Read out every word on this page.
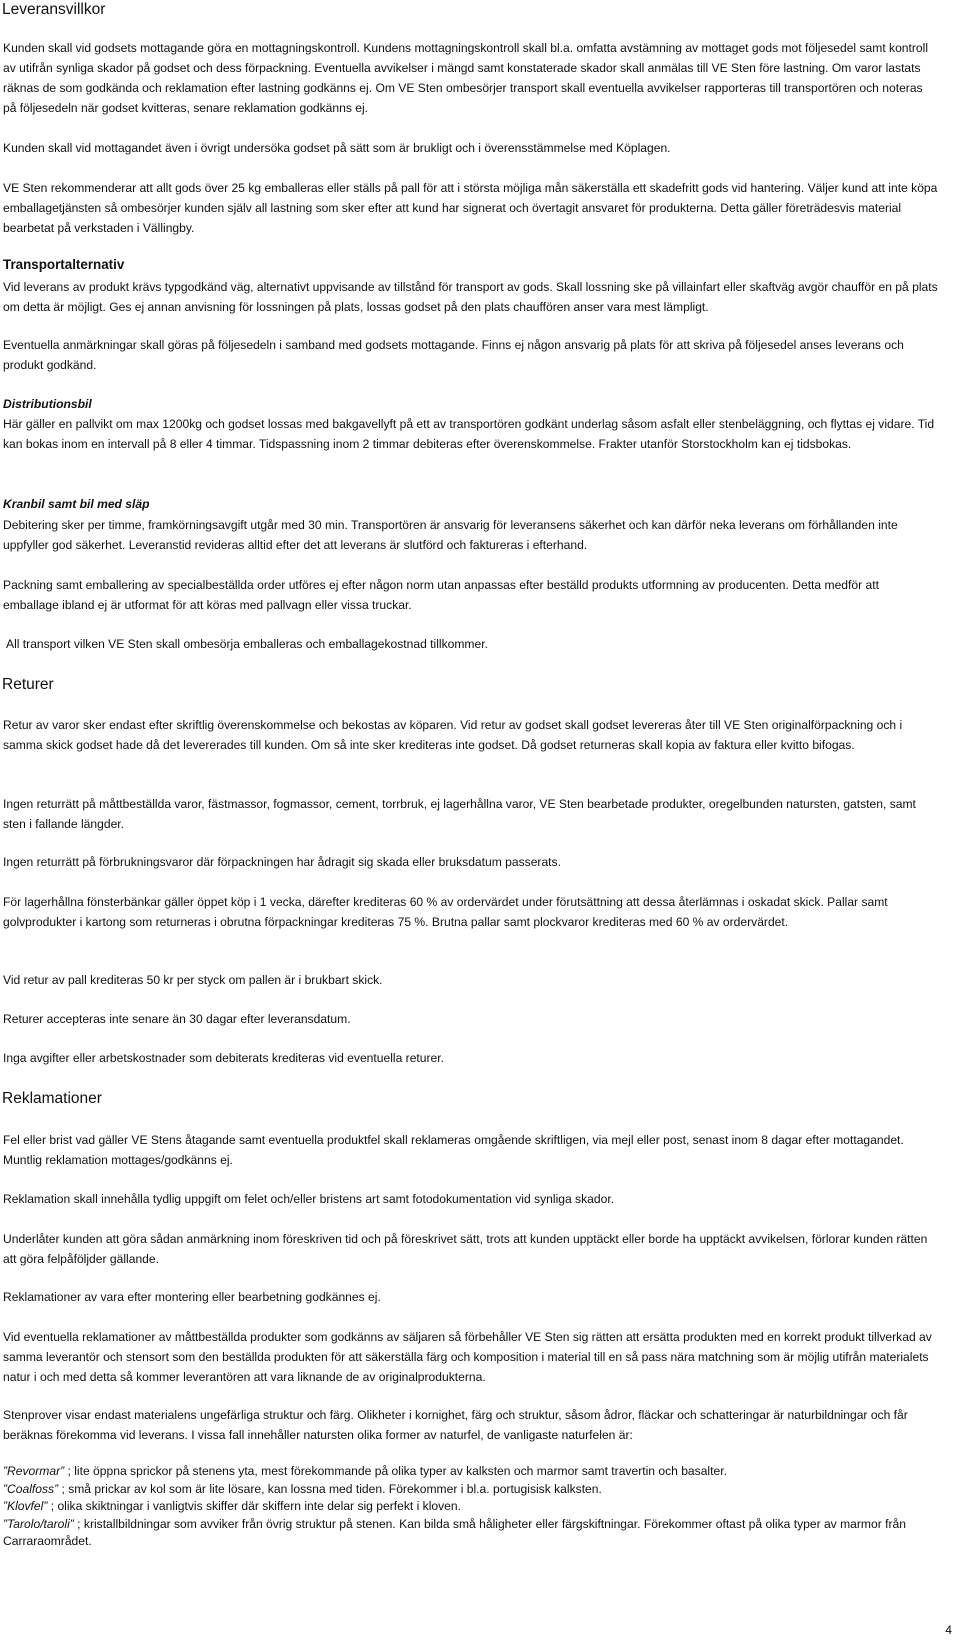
Leveransvillkor

Kunden skall vid godsets mottagande göra en mottagningskontroll. Kundens mottagningskontroll skall bl.a. omfatta avstämning av mottaget gods mot följesedel samt kontroll av utifrån synliga skador på godset och dess förpackning. Eventuella avvikelser i mängd samt konstaterade skador skall anmälas till VE Sten före lastning. Om varor lastats räknas de som godkända och reklamation efter lastning godkänns ej. Om VE Sten ombesörjer transport skall eventuella avvikelser rapporteras till transportören och noteras på följesedeln när godset kvitteras, senare reklamation godkänns ej.

Kunden skall vid mottagandet även i övrigt undersöka godset på sätt som är brukligt och i överensstämmelse med Köplagen.

VE Sten rekommenderar att allt gods över 25 kg emballeras eller ställs på pall för att i största möjliga mån säkerställa ett skadefritt gods vid hantering. Väljer kund att inte köpa emballagetjänsten så ombesörjer kunden själv all lastning som sker efter att kund har signerat och övertagit ansvaret för produkterna. Detta gäller företrädesvis material bearbetat på verkstaden i Vällingby.

Transportalternativ

Vid leverans av produkt krävs typgodkänd väg, alternativt uppvisande av tillstånd för transport av gods. Skall lossning ske på villainfart eller skaftväg avgör chaufför en på plats om detta är möjligt. Ges ej annan anvisning för lossningen på plats, lossas godset på den plats chauffören anser vara mest lämpligt.

Eventuella anmärkningar skall göras på följesedeln i samband med godsets mottagande. Finns ej någon ansvarig på plats för att skriva på följesedel anses leverans och produkt godkänd.

Distributionsbil

Här gäller en pallvikt om max 1200kg och godset lossas med bakgavellyft på ett av transportören godkänt underlag såsom asfalt eller stenbeläggning, och flyttas ej vidare. Tid kan bokas inom en intervall på 8 eller 4 timmar. Tidspassning inom 2 timmar debiteras efter överenskommelse. Frakter utanför Storstockholm kan ej tidsbokas.

Kranbil samt bil med släp

Debitering sker per timme, framkörningsavgift utgår med 30 min. Transportören är ansvarig för leveransens säkerhet och kan därför neka leverans om förhållanden inte uppfyller god säkerhet. Leveranstid revideras alltid efter det att leverans är slutförd och faktureras i efterhand.

Packning samt emballering av specialbeställda order utföres ej efter någon norm utan anpassas efter beställd produkts utformning av producenten. Detta medför att emballage ibland ej är utformat för att köras med pallvagn eller vissa truckar.

All transport vilken VE Sten skall ombesörja emballeras och emballagekostnad tillkommer.

Returer

Retur av varor sker endast efter skriftlig överenskommelse och bekostas av köparen. Vid retur av godset skall godset levereras åter till VE Sten originalförpackning och i samma skick godset hade då det levererades till kunden. Om så inte sker krediteras inte godset. Då godset returneras skall kopia av faktura eller kvitto bifogas.

Ingen returrätt på måttbeställda varor, fästmassor, fogmassor, cement, torrbruk, ej lagerhållna varor, VE Sten bearbetade produkter, oregelbunden natursten, gatsten, samt sten i fallande längder.

Ingen returrätt på förbrukningsvaror där förpackningen har ådragit sig skada eller bruksdatum passerats.

För lagerhållna fönsterbänkar gäller öppet köp i 1 vecka, därefter krediteras 60 % av ordervärdet under förutsättning att dessa återlämnas i oskadat skick. Pallar samt golvprodukter i kartong som returneras i obrutna förpackningar krediteras 75 %. Brutna pallar samt plockvaror krediteras med 60 % av ordervärdet.

Vid retur av pall krediteras 50 kr per styck om pallen är i brukbart skick.

Returer accepteras inte senare än 30 dagar efter leveransdatum.

Inga avgifter eller arbetskostnader som debiterats krediteras vid eventuella returer.

Reklamationer

Fel eller brist vad gäller VE Stens åtagande samt eventuella produktfel skall reklameras omgående skriftligen, via mejl eller post, senast inom 8 dagar efter mottagandet. Muntlig reklamation mottages/godkänns ej.

Reklamation skall innehålla tydlig uppgift om felet och/eller bristens art samt fotodokumentation vid synliga skador.

Underlåter kunden att göra sådan anmärkning inom föreskriven tid och på föreskrivet sätt, trots att kunden upptäckt eller borde ha upptäckt avvikelsen, förlorar kunden rätten att göra felpåföljder gällande.

Reklamationer av vara efter montering eller bearbetning godkännes ej.

Vid eventuella reklamationer av måttbeställda produkter som godkänns av säljaren så förbehåller VE Sten sig rätten att ersätta produkten med en korrekt produkt tillverkad av samma leverantör och stensort som den beställda produkten för att säkerställa färg och komposition i material till en så pass nära matchning som är möjlig utifrån materialets natur i och med detta så kommer leverantören att vara liknande de av originalprodukterna.

Stenprover visar endast materialens ungefärliga struktur och färg. Olikheter i kornighet, färg och struktur, såsom ådror, fläckar och schatteringar är naturbildningar och får beräknas förekomma vid leverans. I vissa fall innehåller natursten olika former av naturfel, de vanligaste naturfelen är:

”Revormar” ; lite öppna sprickor på stenens yta, mest förekommande på olika typer av kalksten och marmor samt travertin och basalter.
”Coalfoss” ; små prickar av kol som är lite lösare, kan lossna med tiden. Förekommer i bl.a. portugisisk kalksten.
”Klovfel” ; olika skiktningar i vanligtvis skiffer där skiffern inte delar sig perfekt i kloven.
”Tarolo/taroli” ; kristallbildningar som avviker från övrig struktur på stenen. Kan bilda små håligheter eller färgskiftningar. Förekommer oftast på olika typer av marmor från Carraraområdet.
4
